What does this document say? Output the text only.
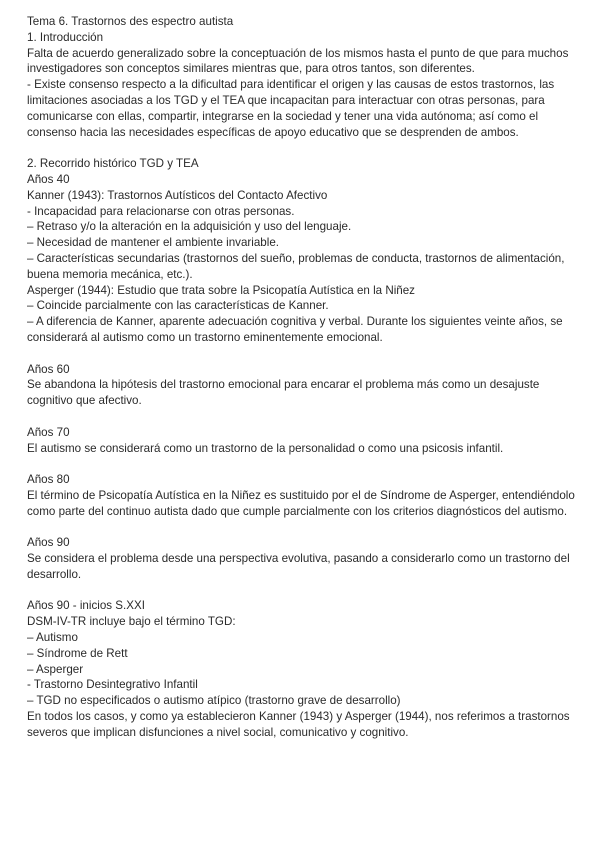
Tema 6. Trastornos des espectro autista
1. Introducción
Falta de acuerdo generalizado sobre la conceptuación de los mismos hasta el punto de que para muchos investigadores son conceptos similares mientras que, para otros tantos, son diferentes.
- Existe consenso respecto a la dificultad para identificar el origen y las causas de estos trastornos, las limitaciones asociadas a los TGD y el TEA que incapacitan para interactuar con otras personas, para comunicarse con ellas, compartir, integrarse en la sociedad y tener una vida autónoma; así como el consenso hacia las necesidades específicas de apoyo educativo que se desprenden de ambos.
2. Recorrido histórico TGD y TEA
Años 40
Kanner (1943): Trastornos Autísticos del Contacto Afectivo
- Incapacidad para relacionarse con otras personas.
– Retraso y/o la alteración en la adquisición y uso del lenguaje.
– Necesidad de mantener el ambiente invariable.
– Características secundarias (trastornos del sueño, problemas de conducta, trastornos de alimentación, buena memoria mecánica, etc.).
Asperger (1944): Estudio que trata sobre la Psicopatía Autística en la Niñez
– Coincide parcialmente con las características de Kanner.
– A diferencia de Kanner, aparente adecuación cognitiva y verbal. Durante los siguientes veinte años, se considerará al autismo como un trastorno eminentemente emocional.
Años 60
Se abandona la hipótesis del trastorno emocional para encarar el problema más como un desajuste cognitivo que afectivo.
Años 70
El autismo se considerará como un trastorno de la personalidad o como una psicosis infantil.
Años 80
El término de Psicopatía Autística en la Niñez es sustituido por el de Síndrome de Asperger, entendiéndolo como parte del continuo autista dado que cumple parcialmente con los criterios diagnósticos del autismo.
Años 90
Se considera el problema desde una perspectiva evolutiva, pasando a considerarlo como un trastorno del desarrollo.
Años 90 - inicios S.XXI
DSM-IV-TR incluye bajo el término TGD:
– Autismo
– Síndrome de Rett
– Asperger
- Trastorno Desintegrativo Infantil
– TGD no especificados o autismo atípico (trastorno grave de desarrollo)
En todos los casos, y como ya establecieron Kanner (1943) y Asperger (1944), nos referimos a trastornos severos que implican disfunciones a nivel social, comunicativo y cognitivo.
